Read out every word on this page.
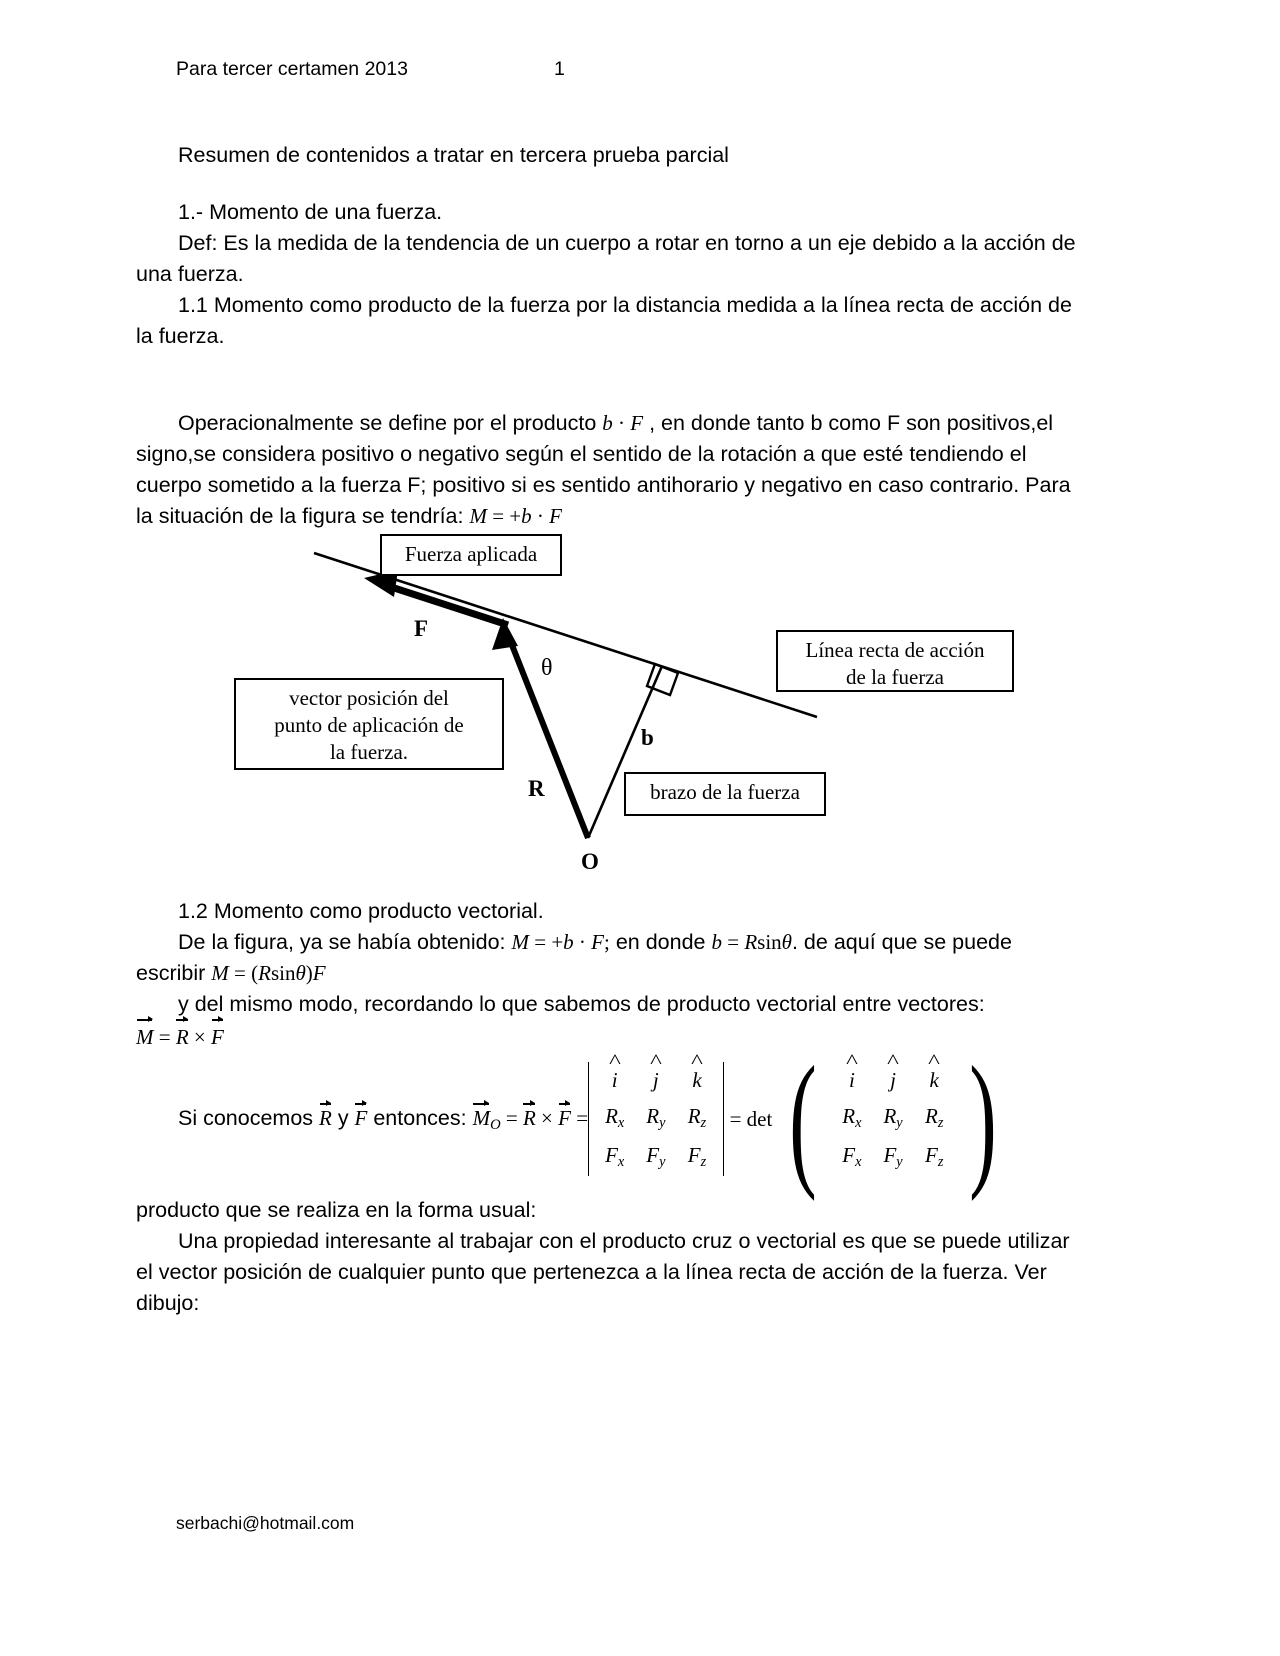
Para tercer certamen 2013	1

Resumen de contenidos a tratar en tercera prueba parcial

1.- Momento de una fuerza.

Def: Es la medida de la tendencia de un cuerpo a rotar en torno a un eje debido a la acción de una fuerza.

1.1 Momento como producto de la fuerza por la distancia medida a la línea recta de acción de la fuerza.

Operacionalmente se define por el producto b · F , en donde tanto b como F son positivos,el signo,se considera positivo o negativo según el sentido de la rotación a que esté tendiendo el cuerpo sometido a la fuerza F; positivo si es sentido antihorario y negativo en caso contrario. Para la situación de la figura se tendría: M = +b · F

Fuerza aplicada
Línea recta de acción
de la fuerza
vector posición del
punto de aplicación de
la fuerza.
brazo de la fuerza
F
θ
b
R
O

1.2 Momento como producto vectorial.

De la figura, ya se había obtenido: M = +b · F; en donde b = Rsinθ. de aquí que se puede escribir M = (Rsinθ)F

y del mismo modo, recordando lo que sabemos de producto vectorial entre vectores:

M = R × F

Si conocemos R y F entonces: $M_O = R \times F$ =
^ i	^ j	^ k
$R_x$ $R_y$ $R_z$
$F_x$ $F_y$ $F_z$
= det (	^ i	^ j	^ k
$R_x$ $R_y$ $R_z$
$F_x$ $F_y$ $F_z$ )

producto que se realiza en la forma usual:

Una propiedad interesante al trabajar con el producto cruz o vectorial es que se puede utilizar el vector posición de cualquier punto que pertenezca a la línea recta de acción de la fuerza. Ver dibujo:

serbachi@hotmail.com
